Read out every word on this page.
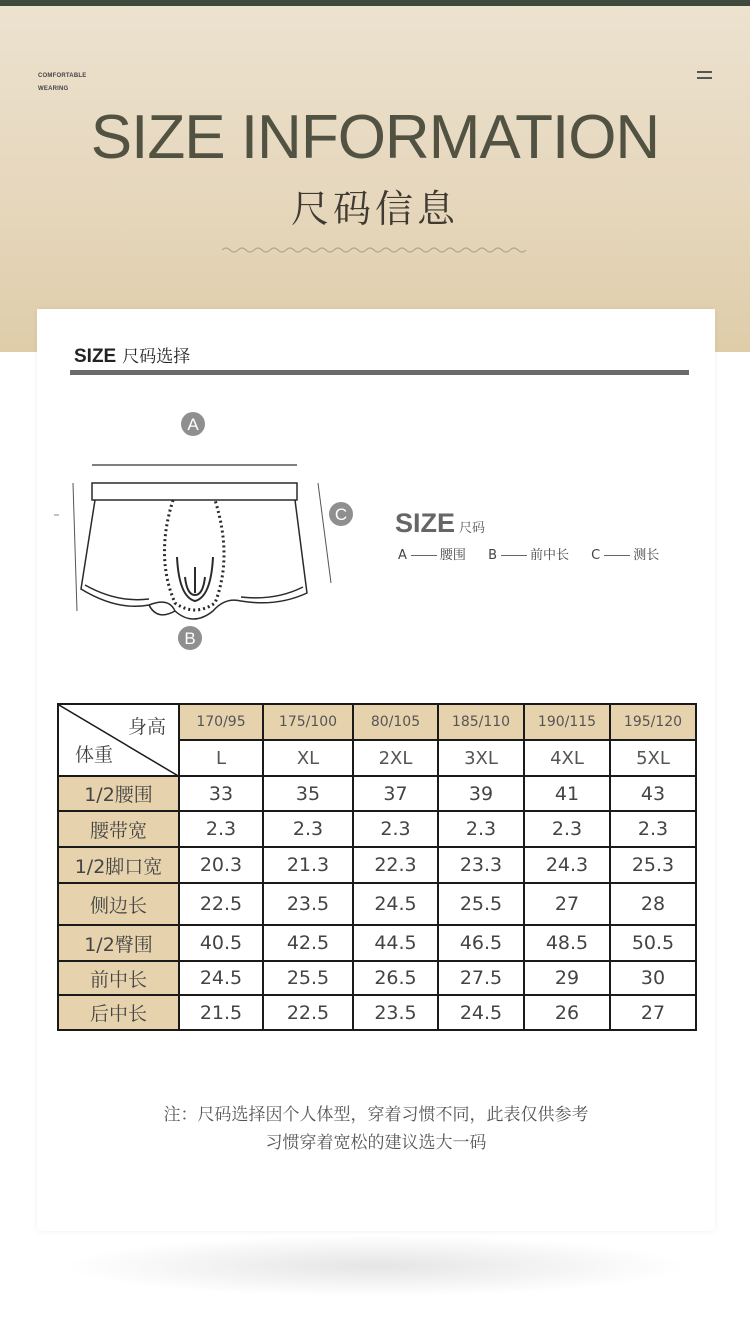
COMFORTABLE
WEARING
SIZE INFORMATION
尺码信息
SIZE 尺码选择
A
C
B
SIZE 尺码
A	腰围 B	前中长 C	测长
身高
体重	170/95	175/100	80/105	185/110	190/115	195/120
	L	XL	2XL	3XL	4XL	5XL
1/2腰围	33	35	37	39	41	43
腰带宽	2.3	2.3	2.3	2.3	2.3	2.3
1/2脚口宽	20.3	21.3	22.3	23.3	24.3	25.3
侧边长	22.5	23.5	24.5	25.5	27	28
1/2臀围	40.5	42.5	44.5	46.5	48.5	50.5
前中长	24.5	25.5	26.5	27.5	29	30
后中长	21.5	22.5	23.5	24.5	26	27
注：尺码选择因个人体型，穿着习惯不同，此表仅供参考
习惯穿着宽松的建议选大一码
